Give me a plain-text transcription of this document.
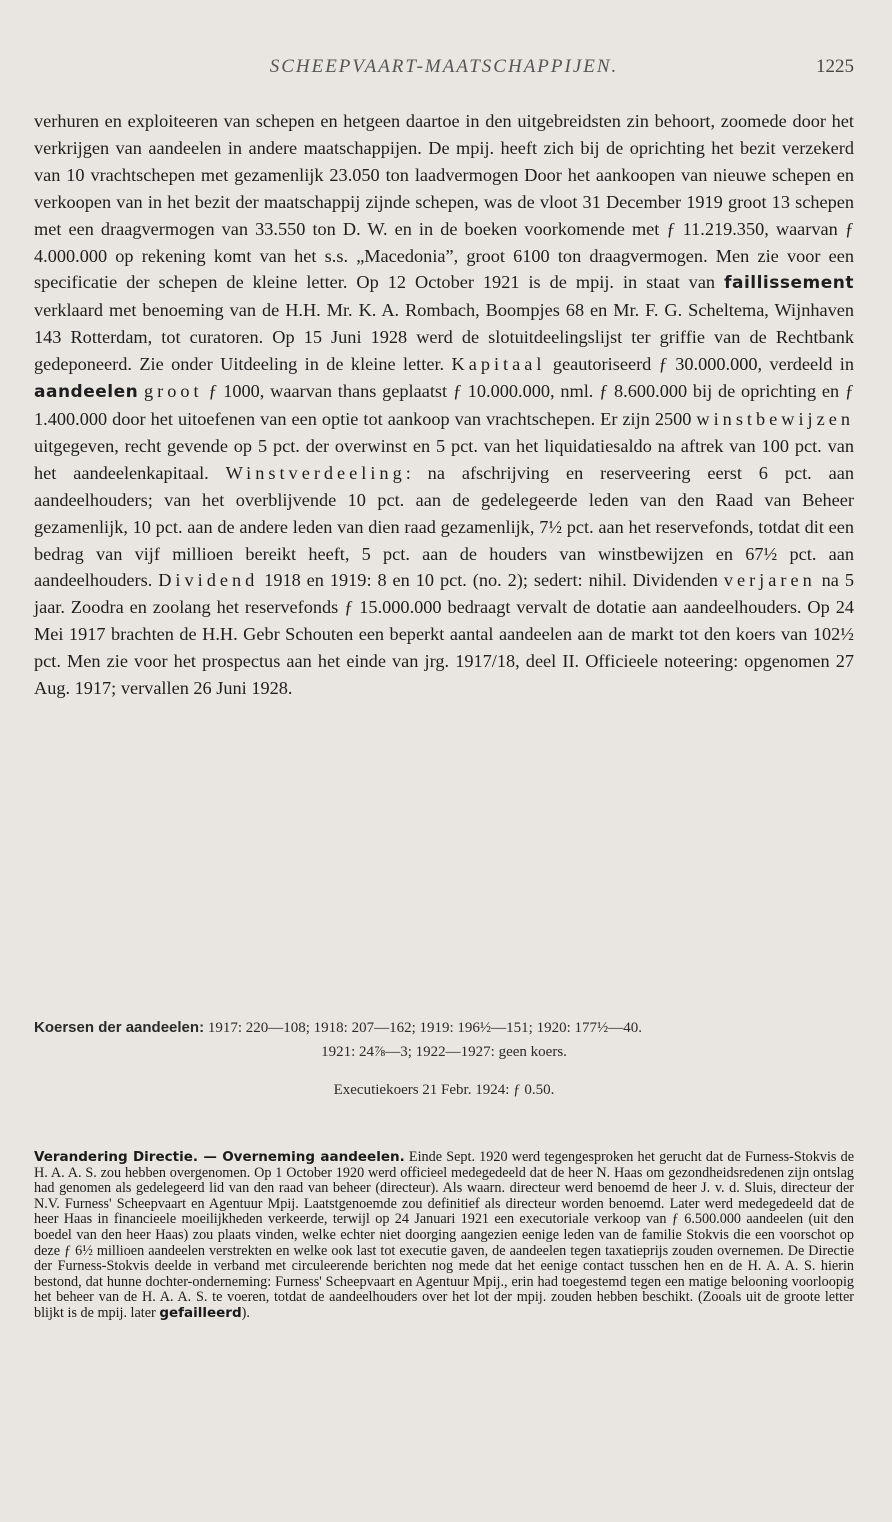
SCHEEPVAART-MAATSCHAPPIJEN.	1225

verhuren en exploiteeren van schepen en hetgeen daartoe in den uitgebreidsten zin behoort, zoomede door het verkrijgen van aandeelen in andere maatschappijen. De mpij. heeft zich bij de oprichting het bezit verzekerd van 10 vrachtschepen met gezamenlijk 23.050 ton laadvermogen Door het aankoopen van nieuwe schepen en verkoopen van in het bezit der maatschappij zijnde schepen, was de vloot 31 December 1919 groot 13 schepen met een draagvermogen van 33.550 ton D. W. en in de boeken voorkomende met ƒ 11.219.350, waarvan ƒ 4.000.000 op rekening komt van het s.s. „Macedonia”, groot 6100 ton draagvermogen. Men zie voor een specificatie der schepen de kleine letter. Op 12 October 1921 is de mpij. in staat van faillissement verklaard met benoeming van de H.H. Mr. K. A. Rombach, Boompjes 68 en Mr. F. G. Scheltema, Wijnhaven 143 Rotterdam, tot curatoren. Op 15 Juni 1928 werd de slotuitdeelingslijst ter griffie van de Rechtbank gedeponeerd. Zie onder Uitdeeling in de kleine letter. Kapitaal geautoriseerd ƒ 30.000.000, verdeeld in aandeelen groot ƒ 1000, waarvan thans geplaatst ƒ 10.000.000, nml. ƒ 8.600.000 bij de oprichting en ƒ 1.400.000 door het uitoefenen van een optie tot aankoop van vrachtschepen. Er zijn 2500 winstbewijzen uitgegeven, recht gevende op 5 pct. der overwinst en 5 pct. van het liquidatiesaldo na aftrek van 100 pct. van het aandeelenkapitaal. Winstverdeeling: na afschrijving en reserveering eerst 6 pct. aan aandeelhouders; van het overblijvende 10 pct. aan de gedelegeerde leden van den Raad van Beheer gezamenlijk, 10 pct. aan de andere leden van dien raad gezamenlijk, 7½ pct. aan het reservefonds, totdat dit een bedrag van vijf millioen bereikt heeft, 5 pct. aan de houders van winstbewijzen en 67½ pct. aan aandeelhouders. Dividend 1918 en 1919: 8 en 10 pct. (no. 2); sedert: nihil. Dividenden verjaren na 5 jaar. Zoodra en zoolang het reservefonds ƒ 15.000.000 bedraagt vervalt de dotatie aan aandeelhouders. Op 24 Mei 1917 brachten de H.H. Gebr Schouten een beperkt aantal aandeelen aan de markt tot den koers van 102½ pct. Men zie voor het prospectus aan het einde van jrg. 1917/18, deel II. Officieele noteering: opgenomen 27 Aug. 1917; vervallen 26 Juni 1928.

Koersen der aandeelen: 1917: 220—108; 1918: 207—162; 1919: 196½—151; 1920: 177½—40.
1921: 24⅞—3; 1922—1927: geen koers.
Executiekoers 21 Febr. 1924: ƒ 0.50.

Verandering Directie. — Overneming aandeelen. Einde Sept. 1920 werd tegengesproken het gerucht dat de Furness-Stokvis de H. A. A. S. zou hebben overgenomen. Op 1 October 1920 werd officieel medegedeeld dat de heer N. Haas om gezondheidsredenen zijn ontslag had genomen als gedelegeerd lid van den raad van beheer (directeur). Als waarn. directeur werd benoemd de heer J. v. d. Sluis, directeur der N.V. Furness' Scheepvaart en Agentuur Mpij. Laatstgenoemde zou definitief als directeur worden benoemd. Later werd medegedeeld dat de heer Haas in financieele moeilijkheden verkeerde, terwijl op 24 Januari 1921 een executoriale verkoop van ƒ 6.500.000 aandeelen (uit den boedel van den heer Haas) zou plaats vinden, welke echter niet doorging aangezien eenige leden van de familie Stokvis die een voorschot op deze ƒ 6½ millioen aandeelen verstrekten en welke ook last tot executie gaven, de aandeelen tegen taxatieprijs zouden overnemen. De Directie der Furness-Stokvis deelde in verband met circuleerende berichten nog mede dat het eenige contact tusschen hen en de H. A. A. S. hierin bestond, dat hunne dochter-onderneming: Furness' Scheepvaart en Agentuur Mpij., erin had toegestemd tegen een matige belooning voorloopig het beheer van de H. A. A. S. te voeren, totdat de aandeelhouders over het lot der mpij. zouden hebben beschikt. (Zooals uit de groote letter blijkt is de mpij. later gefailleerd).
